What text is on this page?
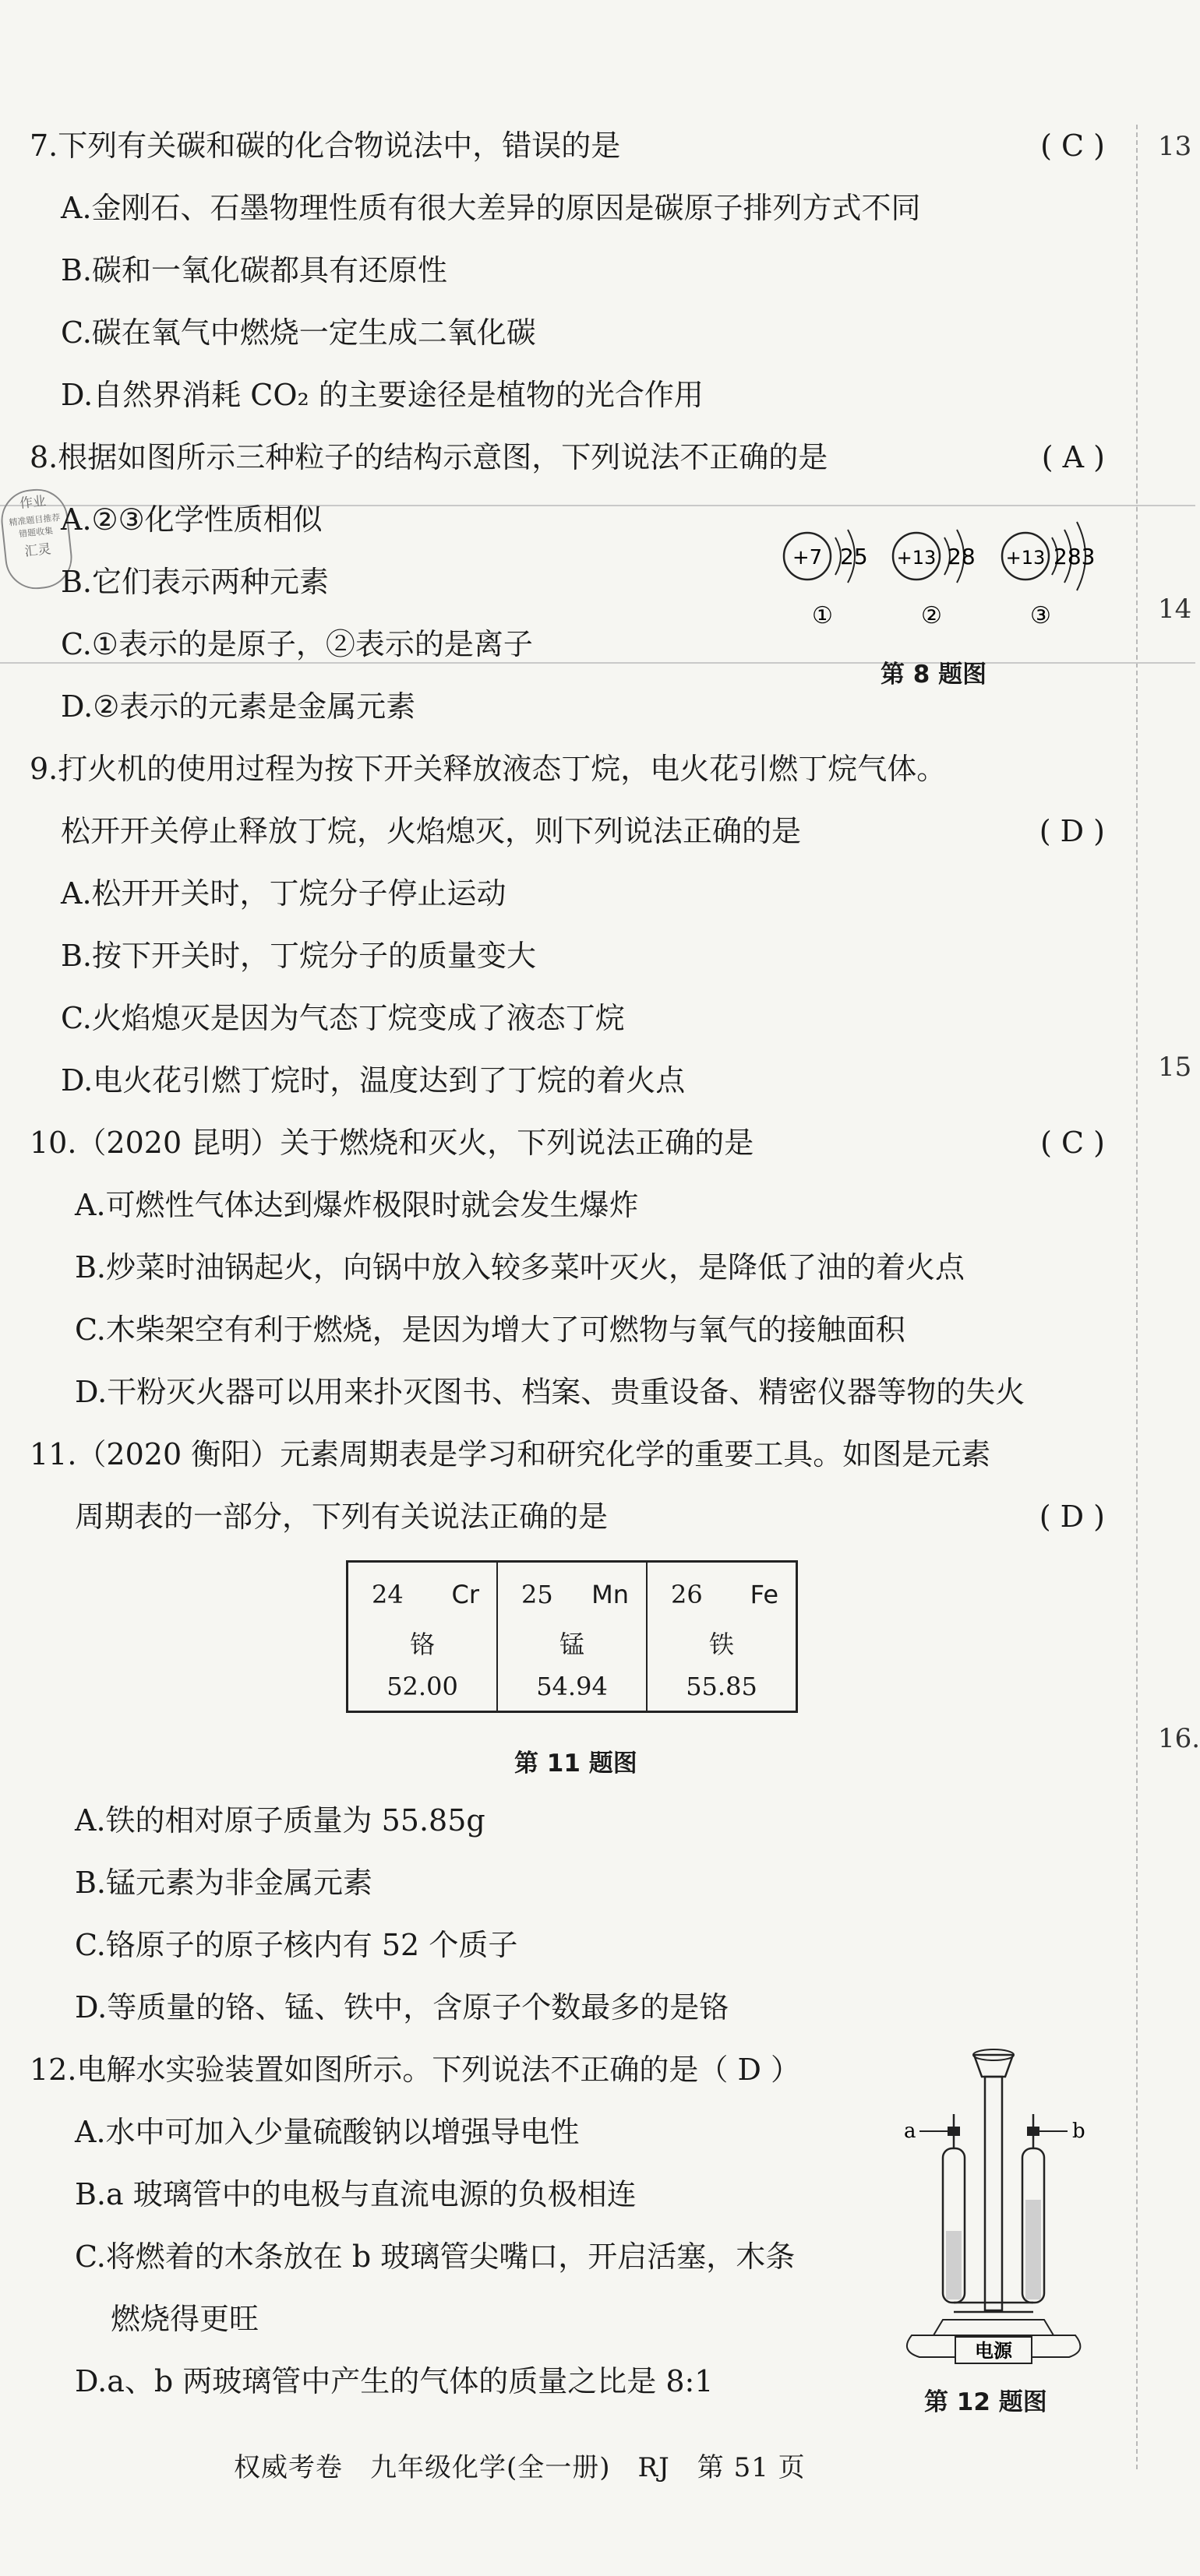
13
14
15
16.
作业
精准题目推荐
错题收集
汇灵
7.下列有关碳和碳的化合物说法中，错误的是	( C )
A.金刚石、石墨物理性质有很大差异的原因是碳原子排列方式不同
B.碳和一氧化碳都具有还原性
C.碳在氧气中燃烧一定生成二氧化碳
D.自然界消耗 CO₂ 的主要途径是植物的光合作用
8.根据如图所示三种粒子的结构示意图，下列说法不正确的是	( A )
A.②③化学性质相似
B.它们表示两种元素
C.①表示的是原子，②表示的是离子
D.②表示的元素是金属元素
+7 25
①
+13 28
②
+13 283
③
第 8 题图
9.打火机的使用过程为按下开关释放液态丁烷，电火花引燃丁烷气体。
松开开关停止释放丁烷，火焰熄灭，则下列说法正确的是	( D )
A.松开开关时，丁烷分子停止运动
B.按下开关时，丁烷分子的质量变大
C.火焰熄灭是因为气态丁烷变成了液态丁烷
D.电火花引燃丁烷时，温度达到了丁烷的着火点
10.（2020 昆明）关于燃烧和灭火，下列说法正确的是	( C )
A.可燃性气体达到爆炸极限时就会发生爆炸
B.炒菜时油锅起火，向锅中放入较多菜叶灭火，是降低了油的着火点
C.木柴架空有利于燃烧，是因为增大了可燃物与氧气的接触面积
D.干粉灭火器可以用来扑灭图书、档案、贵重设备、精密仪器等物的失火
11.（2020 衡阳）元素周期表是学习和研究化学的重要工具。如图是元素
周期表的一部分，下列有关说法正确的是	( D )
24 Cr
铬
52.00

25 Mn
锰
54.94

26 Fe
铁
55.85
第 11 题图
A.铁的相对原子质量为 55.85g
B.锰元素为非金属元素
C.铬原子的原子核内有 52 个质子
D.等质量的铬、锰、铁中，含原子个数最多的是铬
12.电解水实验装置如图所示。下列说法不正确的是（ D ）
A.水中可加入少量硫酸钠以增强导电性
B.a 玻璃管中的电极与直流电源的负极相连
C.将燃着的木条放在 b 玻璃管尖嘴口，开启活塞，木条
燃烧得更旺
D.a、b 两玻璃管中产生的气体的质量之比是 8:1
a	b
电源
第 12 题图
权威考卷　九年级化学(全一册)　RJ　第 51 页
